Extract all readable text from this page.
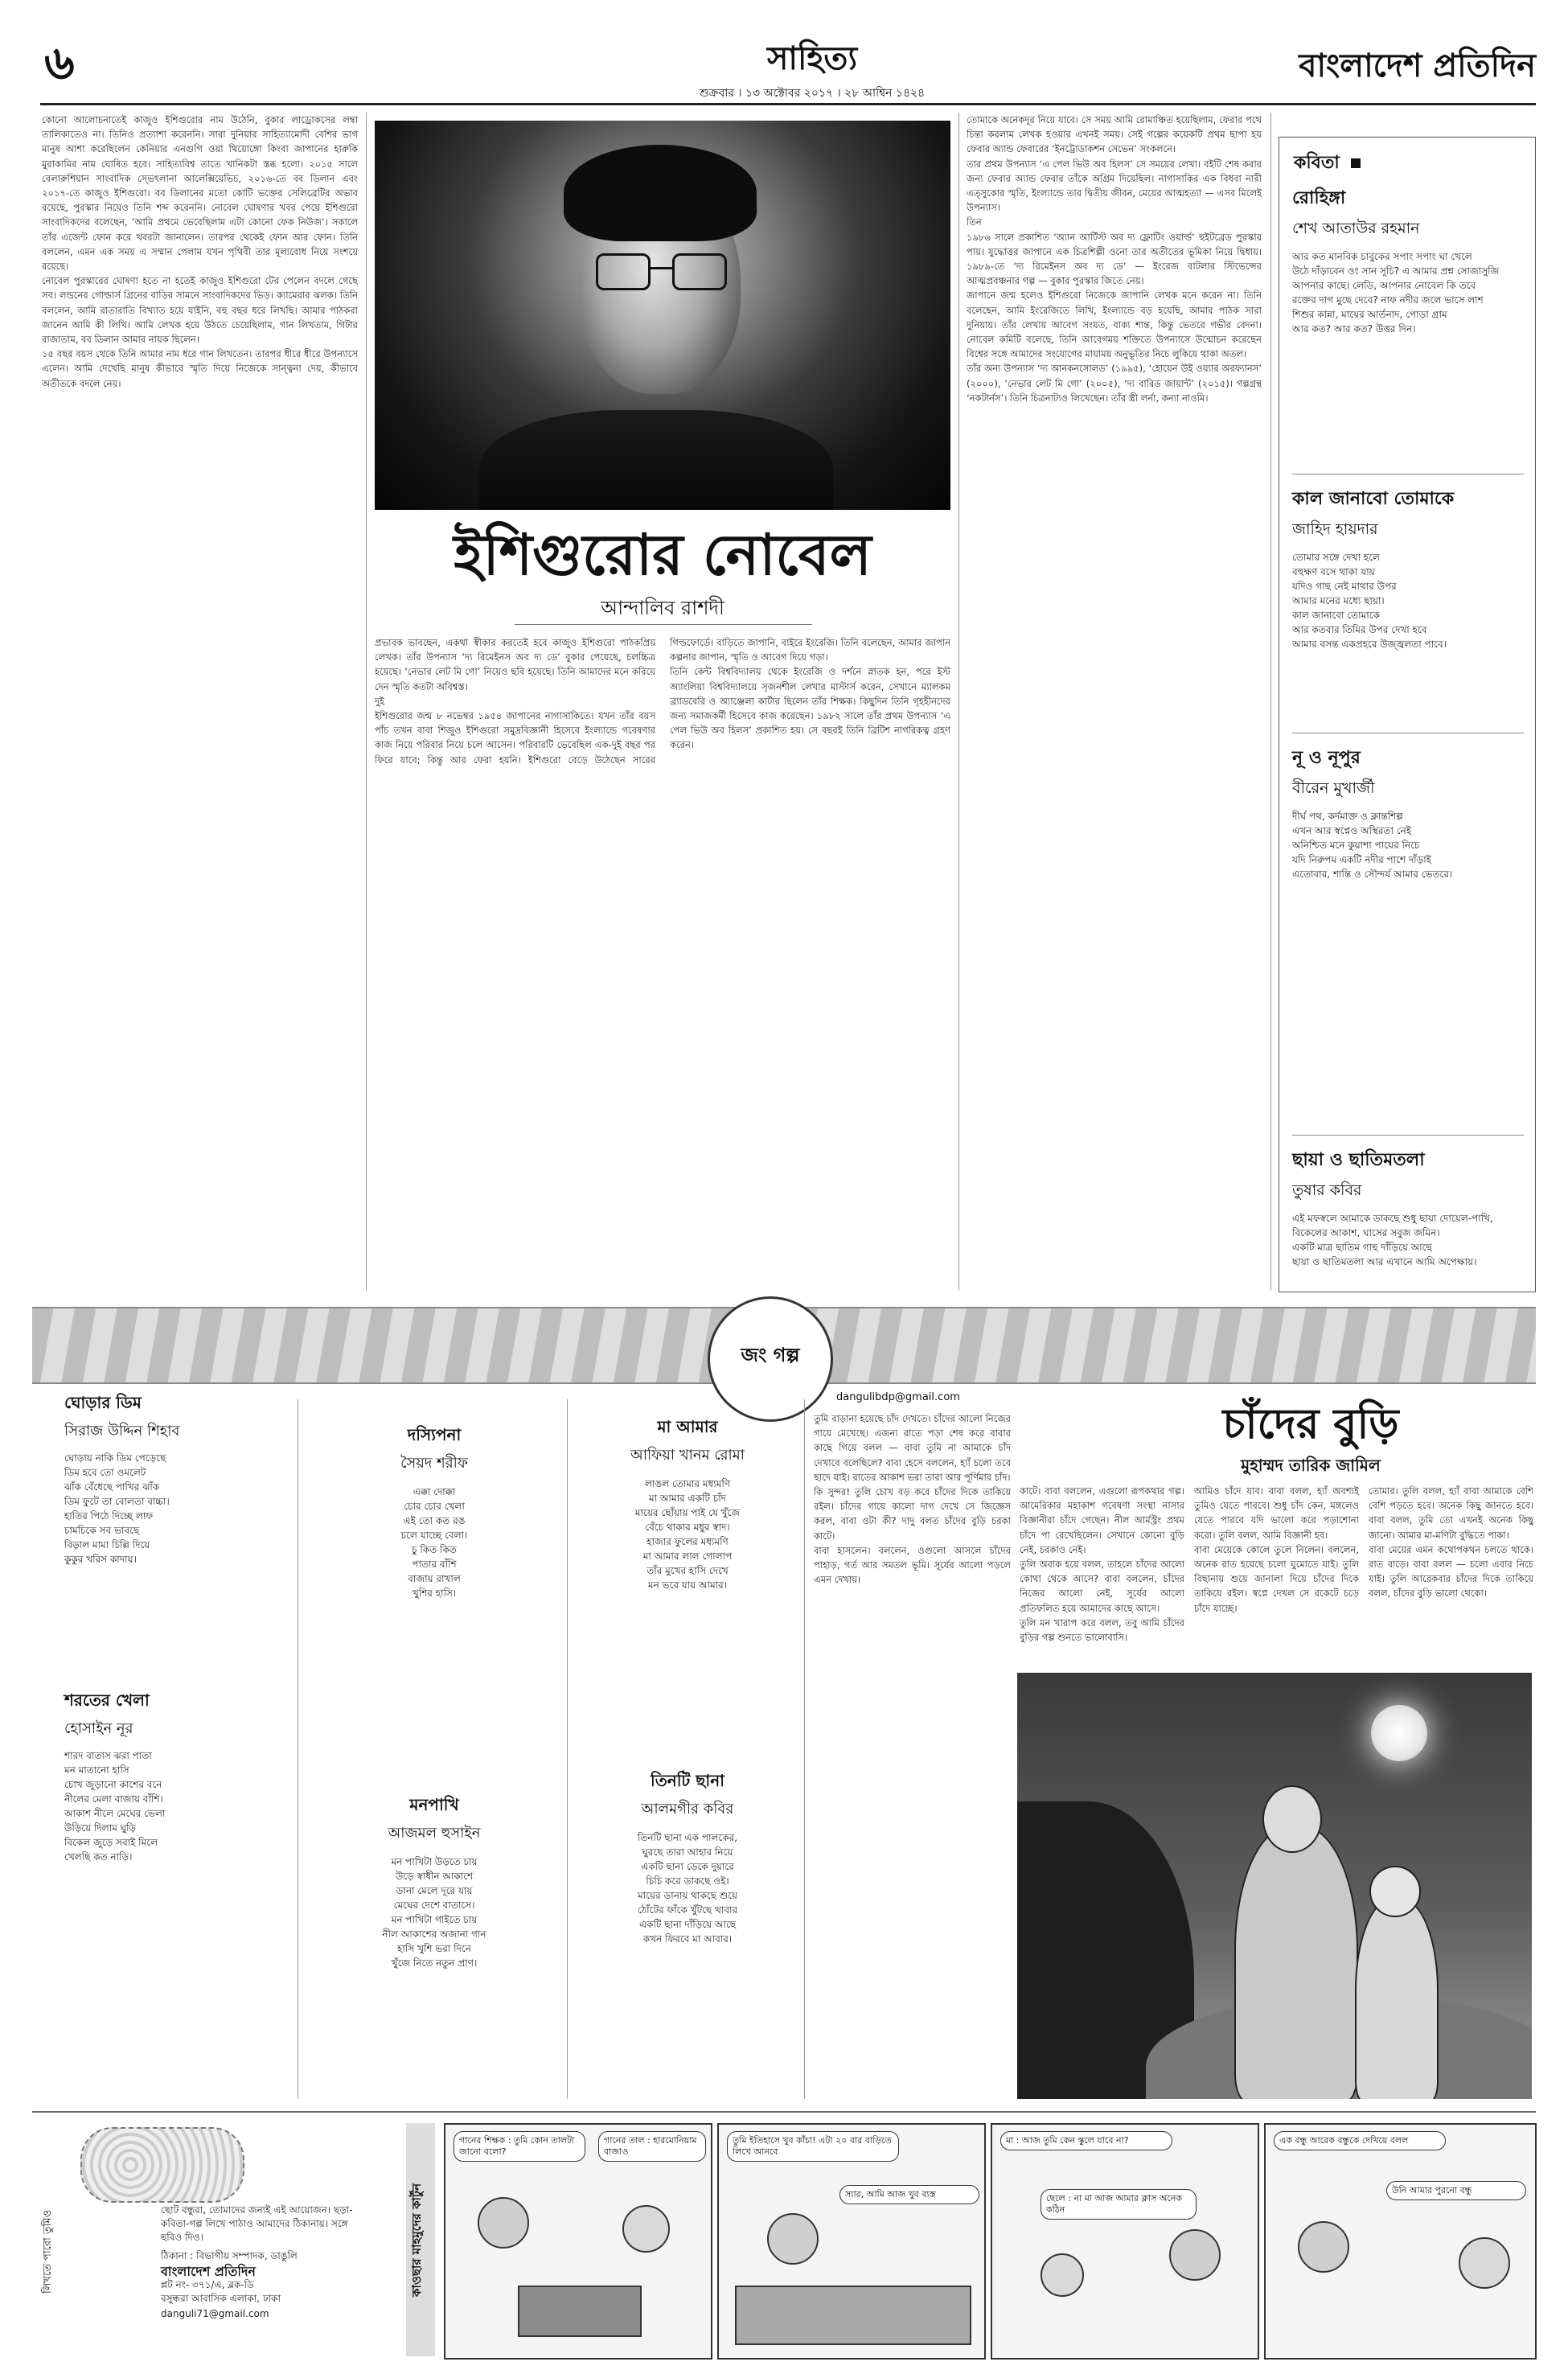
৬	সাহিত্য
শুক্রবার । ১৩ অক্টোবর ২০১৭ । ২৮ আশ্বিন ১৪২৪
বাংলাদেশ প্রতিদিন
কোনো আলোচনাতেই কাজুও ইশিগুরোর নাম উঠেনি, বুকার লাড্রোকসের লম্বা তালিকাতেও না। তিনিও প্রত্যাশা করেননি। সারা দুনিয়ার সাহিত্যামোদী বেশির ভাগ মানুষ আশা করেছিলেন কেনিয়ার এনগুগি ওয়া থিয়োঙ্গো কিংবা জাপানের হারুকি মুরাকামির নাম ঘোষিত হবে। সাহিত্যবিশ্ব তাতে খানিকটা স্তব্ধ হলো। ২০১৫ সালে বেলারুশিয়ান সাংবাদিক স্ভেৎলানা আলেক্সিয়েভিচ, ২০১৬-তে বব ডিলান এবং ২০১৭-তে কাজুও ইশিগুরো। বব ডিলানের মতো কোটি ভক্তের সেলিব্রেটির অভাব রয়েছে, পুরস্কার নিয়েও তিনি শব্দ করেননি। নোবেল ঘোষণার খবর পেয়ে ইশিগুরো সাংবাদিকদের বলেছেন, ‘আমি প্রথমে ভেবেছিলাম এটা কোনো ফেক নিউজ’। সকালে তাঁর এজেন্ট ফোন করে খবরটা জানালেন। তারপর থেকেই ফোন আর ফোন। তিনি বললেন, এমন এক সময় এ সম্মান পেলাম যখন পৃথিবী তার মূল্যবোধ নিয়ে সংশয়ে রয়েছে।
নোবেল পুরস্কারের ঘোষণা হতে না হতেই কাজুও ইশিগুরো টের পেলেন বদলে গেছে সব। লন্ডনের গোল্ডার্স গ্রিনের বাড়ির সামনে সাংবাদিকদের ভিড়। ক্যামেরার ঝলক। তিনি বললেন, আমি রাতারাতি বিখ্যাত হয়ে যাইনি, বহু বছর ধরে লিখছি। আমার পাঠকরা জানেন আমি কী লিখি। আমি লেখক হয়ে উঠতে চেয়েছিলাম, গান লিখতাম, গিটার বাজাতাম, বব ডিলান আমার নায়ক ছিলেন।
১৫ বছর বয়স থেকে তিনি আমার নাম ধরে গান লিখতেন। তারপর ধীরে ধীরে উপন্যাসে এলেন। আমি দেখেছি মানুষ কীভাবে স্মৃতি দিয়ে নিজেকে সান্ত্বনা দেয়, কীভাবে অতীতকে বদলে নেয়।
ইশিগুরোর নোবেল
আন্দালিব রাশদী
প্রভাবক ভাবছেন, একথা স্বীকার করতেই হবে কাজুও ইশিগুরো পাঠকপ্রিয় লেখক। তাঁর উপন্যাস ‘দ্য রিমেইনস অব দ্য ডে’ বুকার পেয়েছে, চলচ্চিত্র হয়েছে। ‘নেভার লেট মি গো’ নিয়েও ছবি হয়েছে। তিনি আমাদের মনে করিয়ে দেন স্মৃতি কতটা অবিশ্বস্ত।
দুই
ইশিগুরোর জন্ম ৮ নভেম্বর ১৯৫৪ জাপানের নাগাসাকিতে। যখন তাঁর বয়স পাঁচ তখন বাবা শিজুও ইশিগুরো সমুদ্রবিজ্ঞানী হিসেবে ইংল্যান্ডে গবেষণার কাজ নিয়ে পরিবার নিয়ে চলে আসেন। পরিবারটি ভেবেছিল এক-দুই বছর পর ফিরে যাবে; কিন্তু আর ফেরা হয়নি। ইশিগুরো বেড়ে উঠেছেন সারের গিল্ডফোর্ডে। বাড়িতে জাপানি, বাইরে ইংরেজি। তিনি বলেছেন, আমার জাপান কল্পনার জাপান, স্মৃতি ও আবেগ দিয়ে গড়া।
তিনি কেন্ট বিশ্ববিদ্যালয় থেকে ইংরেজি ও দর্শনে স্নাতক হন, পরে ইস্ট অ্যাংলিয়া বিশ্ববিদ্যালয়ে সৃজনশীল লেখার মাস্টার্স করেন, সেখানে ম্যালকম ব্র্যাডবেরি ও অ্যাঞ্জেলা কার্টার ছিলেন তাঁর শিক্ষক। কিছুদিন তিনি গৃহহীনদের জন্য সমাজকর্মী হিসেবে কাজ করেছেন। ১৯৮২ সালে তাঁর প্রথম উপন্যাস ‘এ পেল ভিউ অব হিলস’ প্রকাশিত হয়। সে বছরই তিনি ব্রিটিশ নাগরিকত্ব গ্রহণ করেন।
তোমাকে অনেকদূর নিয়ে যাবে। সে সময় আমি রোমাঞ্চিত হয়েছিলাম, ফেরার পথে চিন্তা করলাম লেখক হওয়ার এখনই সময়। সেই গল্পের কয়েকটি প্রথম ছাপা হয় ফেবার অ্যান্ড ফেবারের ‘ইনট্রোডাকশন সেভেন’ সংকলনে।
তার প্রথম উপন্যাস ‘এ পেল ভিউ অব হিলস’ সে সময়ের লেখা। বইটি শেষ করার জন্য ফেবার অ্যান্ড ফেবার তাঁকে অগ্রিম দিয়েছিল। নাগাসাকির এক বিধবা নারী এত্সুকোর স্মৃতি, ইংল্যান্ডে তার দ্বিতীয় জীবন, মেয়ের আত্মহত্যা — এসব মিলেই উপন্যাস।
তিন
১৯৮৬ সালে প্রকাশিত ‘অ্যান আর্টিস্ট অব দ্য ফ্লোটিং ওয়ার্ল্ড’ হুইটব্রেড পুরস্কার পায়। যুদ্ধোত্তর জাপানে এক চিত্রশিল্পী ওনো তার অতীতের ভূমিকা নিয়ে দ্বিধায়। ১৯৮৯-তে ‘দ্য রিমেইনস অব দ্য ডে’ — ইংরেজ বাটলার স্টিভেন্সের আত্মপ্রবঞ্চনার গল্প — বুকার পুরস্কার জিতে নেয়।
জাপানে জন্ম হলেও ইশিগুরো নিজেকে জাপানি লেখক মনে করেন না। তিনি বলেছেন, আমি ইংরেজিতে লিখি, ইংল্যান্ডে বড় হয়েছি, আমার পাঠক সারা দুনিয়ায়। তাঁর লেখায় আবেগ সংযত, বাক্য শান্ত, কিন্তু ভেতরে গভীর বেদনা। নোবেল কমিটি বলেছে, তিনি আবেগময় শক্তিতে উপন্যাসে উন্মোচন করেছেন বিশ্বের সঙ্গে আমাদের সংযোগের মায়াময় অনুভূতির নিচে লুকিয়ে থাকা অতল।
তাঁর অন্য উপন্যাস ‘দ্য আনকনসোলড’ (১৯৯৫), ‘হোয়েন উই ওয়্যার অরফ্যানস’ (২০০০), ‘নেভার লেট মি গো’ (২০০৫), ‘দ্য বারিড জায়ান্ট’ (২০১৫)। গল্পগ্রন্থ ‘নকটার্নস’। তিনি চিত্রনাট্যও লিখেছেন। তাঁর স্ত্রী লর্না, কন্যা নাওমি।
কবিতা
রোহিঙ্গা
শেখ আতাউর রহমান
আর কত মানবিক চাবুকের সপাং সপাং ঘা খেলে
উঠে দাঁড়াবেন ওং সান সূচি? এ আমার প্রশ্ন সোজাসুজি
আপনার কাছে। লেডি, আপনার নোবেল কি তবে
রক্তের দাগ মুছে দেবে? নাফ নদীর জলে ভাসে লাশ
শিশুর কান্না, মায়ের আর্তনাদ, পোড়া গ্রাম
আর কত? আর কত? উত্তর দিন।
কাল জানাবো তোমাকে
জাহিদ হায়দার
তোমার সঙ্গে দেখা হলে
বহুক্ষণ বসে থাকা যায়
যদিও গাছ নেই মাথার উপর
আমার মনের মধ্যে ছায়া।
কাল জানাবো তোমাকে
আর কতবার তিমির উপর দেখা হবে
আমার বসন্ত একপ্রহরে উজ্জ্বলতা পাবে।
নূ ও নূপুর
বীরেন মুখার্জী
দীর্ঘ পথ, কর্দমাক্ত ও ক্লান্তশিল্প
এখন আর স্বপ্নেও অস্থিরতা নেই
অনিশ্চিত মনে কুয়াশা পায়ের নিচে
যদি নিরুপম একটি নদীর পাশে দাঁড়াই
এতোবার, শান্তি ও সৌন্দর্য আমার ভেতরে।
ছায়া ও ছাতিমতলা
তুষার কবির
এই মফস্বলে আমাকে ডাকছে শুধু ছায়া দোয়েল-পাখি,
বিকেলের আকাশ, ঘাসের সবুজ জমিন।
একটি মাত্র ছাতিম গাছ দাঁড়িয়ে আছে
ছায়া ও ছাতিমতলা আর এখানে আমি অপেক্ষায়।
জং গল্প
dangulibdp@gmail.com
ঘোড়ার ডিম
সিরাজ উদ্দিন শিহাব
ঘোড়ায় নাকি ডিম পেড়েছে
ডিম হবে তো ওমলেট
ঝাঁক বেঁধেছে পাখির ঝাঁক
ডিম ফুটে তা বোলতা বাচ্চা।
হাতির পিঠে দিচ্ছে লাফ
চামচিকে সব ভাবছে
বিড়াল মামা চিল্লি দিয়ে
কুকুর খরিস কাদায়।
শরতের খেলা
হোসাইন নূর
শারদ বাতাস ঝরা পাতা
মন মাতানো হাসি
চোখ জুড়ানো কাশের বনে
নীলের মেলা বাজায় বাঁশি।
আকাশ নীলে মেঘের ভেলা
উড়িয়ে দিলাম ঘুড়ি
বিকেল জুড়ে সবাই মিলে
খেলছি কত নাড়ি।
দস্যিপনা
সৈয়দ শরীফ
এক্কা দোক্কা
চোর চোর খেলা
এই তো কত রঙ
চলে যাচ্ছে বেলা।
চু কিত কিত
পাতার বাঁশি
বাজায় রাখাল
খুশির হাসি।
মনপাখি
আজমল হুসাইন
মন পাখিটা উড়তে চায়
উড়ে স্বাধীন আকাশে
ডানা মেলে দূরে যায়
মেঘের দেশে বাতাসে।
মন পাখিটা গাইতে চায়
নীল আকাশের অজানা গান
হাসি খুশি ভরা দিনে
খুঁজে নিতে নতুন প্রাণ।
মা আমার
আফিয়া খানম রোমা
লাঙল তোমার মধ্যমণি
মা আমার একটি চাঁদ
মায়ের ছোঁয়ায় পাই যে খুঁজে
বেঁচে থাকার মধুর স্বাদ।
হাজার ফুলের মধ্যমণি
মা আমার লাল গোলাপ
তাঁর মুখের হাসি দেখে
মন ভরে যায় আমার।
তিনটি ছানা
আলমগীর কবির
তিনটি ছানা এক পালকের,
ঘুরছে তারা আহার নিয়ে
একটি ছানা ডেকে দুয়ারে
চিচি করে ডাকছে ওই।
মায়ের ডানায় থাকছে শুয়ে
ঠোঁটের ফাঁকে খুঁটছে খাবার
একটি ছানা দাঁড়িয়ে আছে
কখন ফিরবে মা আবার।
তুমি বাড়ানা হয়েছে চাঁদ দেখতে। চাঁদের আলো নিজের গায়ে মেখেছে। এজন্য রাতে পড়া শেষ করে বাবার কাছে গিয়ে বলল — বাবা তুমি না আমাকে চাঁদ দেখাবে বলেছিলে? বাবা হেসে বললেন, হ্যাঁ চলো তবে ছাদে যাই। রাতের আকাশ ভরা তারা আর পূর্ণিমার চাঁদ।
কি সুন্দর! তুলি চোখ বড় করে চাঁদের দিকে তাকিয়ে রইল। চাঁদের গায়ে কালো দাগ দেখে সে জিজ্ঞেস করল, বাবা ওটা কী? দাদু বলত চাঁদের বুড়ি চরকা কাটে।
বাবা হাসলেন। বললেন, ওগুলো আসলে চাঁদের পাহাড়, গর্ত আর সমতল ভূমি। সূর্যের আলো পড়লে এমন দেখায়।
চাঁদের বুড়ি
মুহাম্মদ তারিক জামিল
কাটে। বাবা বললেন, এগুলো রূপকথার গল্প। আমেরিকার মহাকাশ গবেষণা সংস্থা নাসার বিজ্ঞানীরা চাঁদে গেছেন। নীল আর্মস্ট্রং প্রথম চাঁদে পা রেখেছিলেন। সেখানে কোনো বুড়ি নেই, চরকাও নেই।
তুলি অবাক হয়ে বলল, তাহলে চাঁদের আলো কোথা থেকে আসে? বাবা বললেন, চাঁদের নিজের আলো নেই, সূর্যের আলো প্রতিফলিত হয়ে আমাদের কাছে আসে।
তুলি মন খারাপ করে বলল, তবু আমি চাঁদের বুড়ির গল্প শুনতে ভালোবাসি।
আমিও চাঁদে যাব। বাবা বলল, হ্যাঁ অবশ্যই তুমিও যেতে পারবে। শুধু চাঁদ কেন, মঙ্গলেও যেতে পারবে যদি ভালো করে পড়াশোনা করো। তুলি বলল, আমি বিজ্ঞানী হব।
বাবা মেয়েকে কোলে তুলে নিলেন। বললেন, অনেক রাত হয়েছে চলো ঘুমোতে যাই। তুলি বিছানায় শুয়ে জানালা দিয়ে চাঁদের দিকে তাকিয়ে রইল। স্বপ্নে দেখল সে রকেটে চড়ে চাঁদে যাচ্ছে।
তোমার। তুলি বলল, হ্যাঁ বাবা আমাকে বেশি বেশি পড়তে হবে। অনেক কিছু জানতে হবে। বাবা বলল, তুমি তো এখনই অনেক কিছু জানো। আমার মা-মণিটা বুদ্ধিতে পাকা।
বাবা মেয়ের এমন কথোপকথন চলতে থাকে। রাত বাড়ে। বাবা বলল — চলো এবার নিচে যাই। তুলি আরেকবার চাঁদের দিকে তাকিয়ে বলল, চাঁদের বুড়ি ভালো থেকো।
লিখতে পারো তুমিও	ছোট বন্ধুরা, তোমাদের জন্যই এই আয়োজন। ছড়া-কবিতা-গল্প লিখে পাঠাও আমাদের ঠিকানায়। সঙ্গে ছবিও দিও।
ঠিকানা : বিভাগীয় সম্পাদক, ডাঙুলি
বাংলাদেশ প্রতিদিন
প্লট নং- ৩৭১/এ, ব্লক-ডি
বসুন্ধরা আবাসিক এলাকা, ঢাকা
danguli71@gmail.com
কাওছার মাহমুদের কার্টুন
গানের শিক্ষক : তুমি কোন তালটা জানো বলো?
গানের তাল : হারমোনিয়াম বাজাও
তুমি ইতিহাসে খুব কাঁচা! এটা ২০ বার বাড়িতে লিখে আনবে
স্যার, আমি আজ খুব ব্যস্ত
মা : আজ তুমি কেন স্কুলে যাবে না?
ছেলে : না মা আজ আমার ক্লাস অনেক কঠিন
এক বন্ধু আরেক বন্ধুকে দেখিয়ে বলল
উনি আমার পুরনো বন্ধু
